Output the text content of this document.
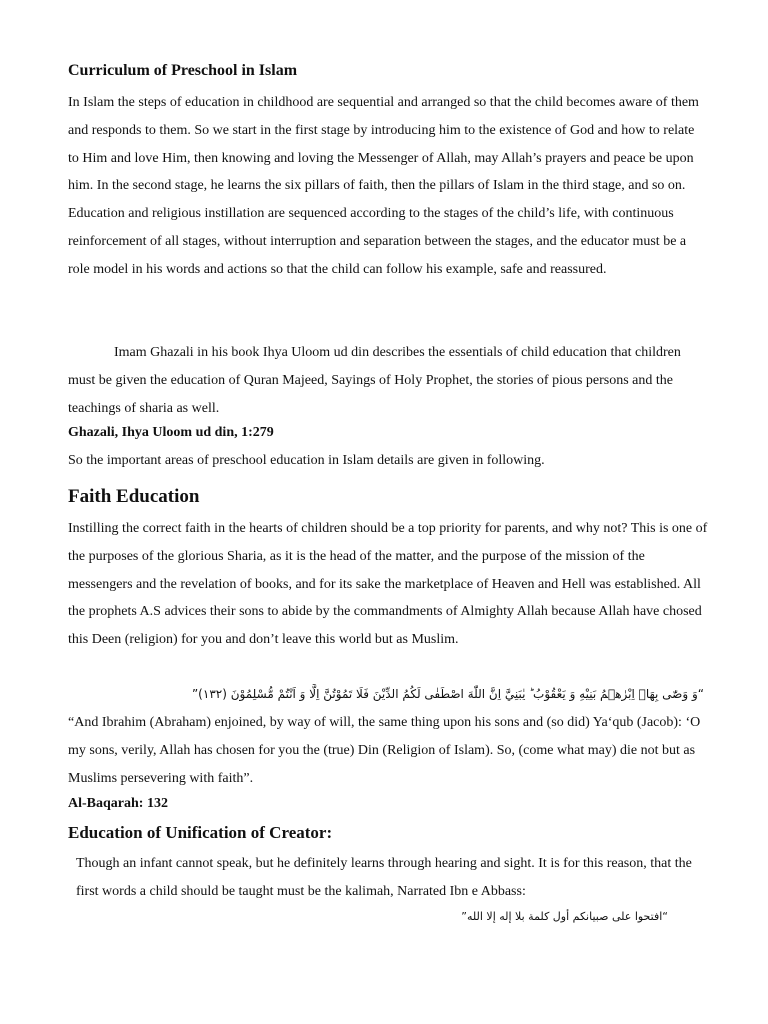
Curriculum of Preschool in Islam

In Islam the steps of education in childhood are sequential and arranged so that the child becomes aware of them and responds to them. So we start in the first stage by introducing him to the existence of God and how to relate to Him and love Him, then knowing and loving the Messenger of Allah, may Allah’s prayers and peace be upon him. In the second stage, he learns the six pillars of faith, then the pillars of Islam in the third stage, and so on. Education and religious instillation are sequenced according to the stages of the child’s life, with continuous reinforcement of all stages, without interruption and separation between the stages, and the educator must be a role model in his words and actions so that the child can follow his example, safe and reassured.

Imam Ghazali in his book Ihya Uloom ud din describes the essentials of child education that children must be given the education of Quran Majeed, Sayings of Holy Prophet, the stories of pious persons and the teachings of sharia as well.

Ghazali, Ihya Uloom ud din, 1:279

So the important areas of preschool education in Islam details are given in following.

Faith Education

Instilling the correct faith in the hearts of children should be a top priority for parents, and why not? This is one of the purposes of the glorious Sharia, as it is the head of the matter, and the purpose of the mission of the messengers and the revelation of books, and for its sake the marketplace of Heaven and Hell was established. All the prophets A.S advices their sons to abide by the commandments of Almighty Allah because Allah have chosed this Deen (religion) for you and don’t leave this world but as Muslim.

“وَ وَصّٰى بِهَاۤ اِبْرٰهٖمُ بَنِيْهِ وَ يَعْقُوْبُ ؕ يٰبَنِيَّ اِنَّ اللّٰهَ اصْطَفٰى لَكُمُ الدِّيْنَ فَلَا تَمُوْتُنَّ اِلَّا وَ اَنْتُمْ مُّسْلِمُوْنَ (١٣٢)”

“And Ibrahim (Abraham) enjoined, by way of will, the same thing upon his sons and (so did) Ya‘qub (Jacob): ‘O my sons, verily, Allah has chosen for you the (true) Din (Religion of Islam). So, (come what may) die not but as Muslims persevering with faith”.

Al-Baqarah: 132

Education of Unification of Creator:

Though an infant cannot speak, but he definitely learns through hearing and sight. It is for this reason, that the first words a child should be taught must be the kalimah, Narrated Ibn e Abbass:

“افتحوا على صبيانكم أول كلمة بلا إله إلا الله”
